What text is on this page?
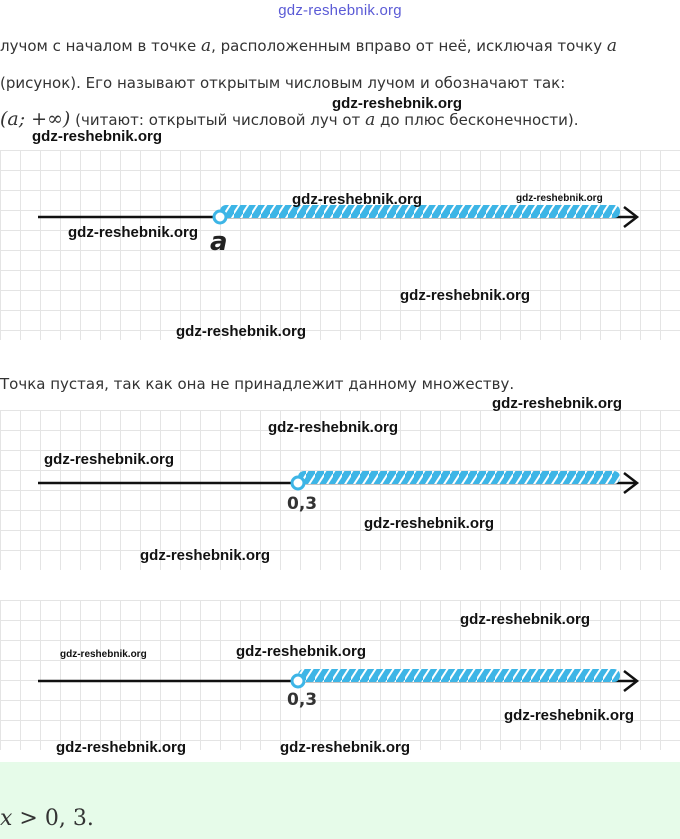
gdz-reshebnik.org
лучом с началом в точке a, расположенным вправо от неё, исключая точку a
(рисунок). Его называют открытым числовым лучом и обозначают так:
(a; +∞) (читают: открытый числовой луч от a до плюс бесконечности).
a
Точка пустая, так как она не принадлежит данному множеству.
0,3
0,3
x > 0, 3.
gdz-reshebnik.org
gdz-reshebnik.org
gdz-reshebnik.org	gdz-reshebnik.org
gdz-reshebnik.org
gdz-reshebnik.org
gdz-reshebnik.org
gdz-reshebnik.org
gdz-reshebnik.org
gdz-reshebnik.org
gdz-reshebnik.org
gdz-reshebnik.org
gdz-reshebnik.org
gdz-reshebnik.org
gdz-reshebnik.org
gdz-reshebnik.org
gdz-reshebnik.org	gdz-reshebnik.org
